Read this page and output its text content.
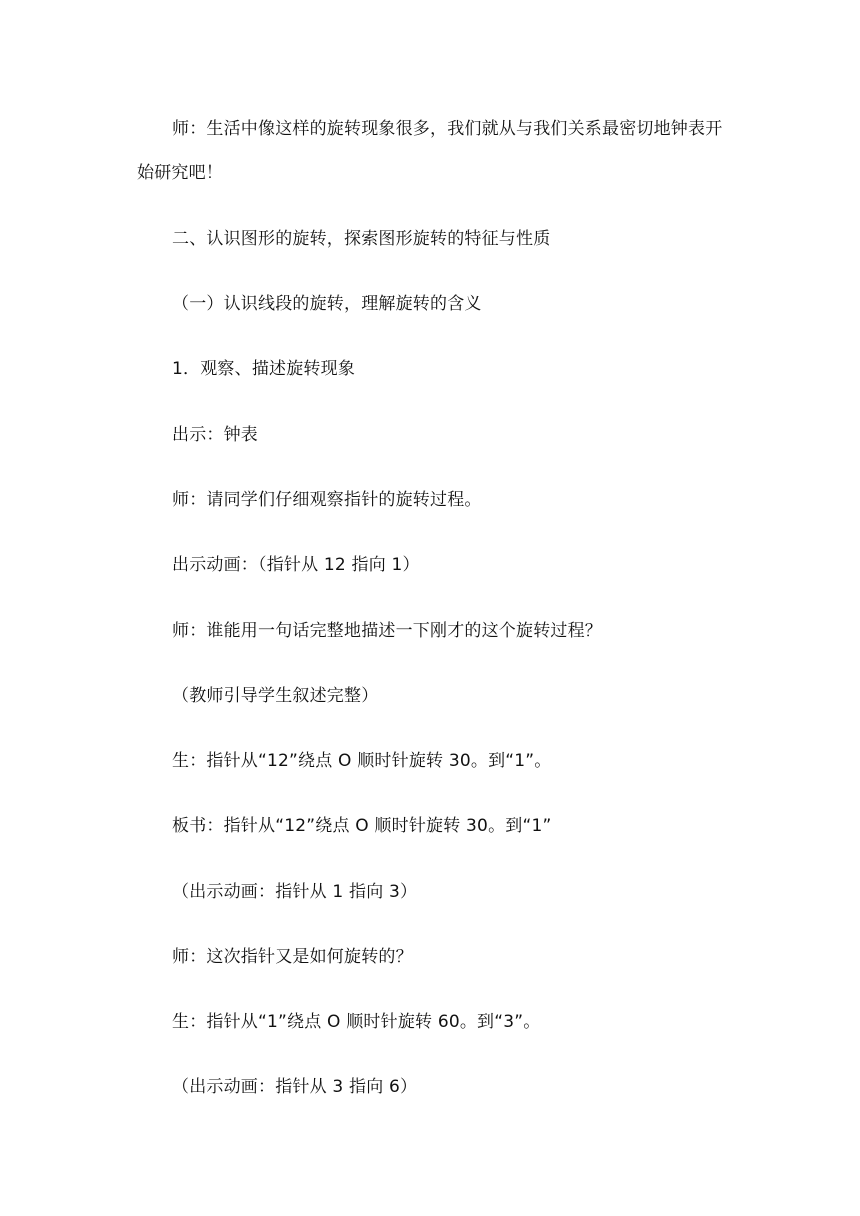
师：生活中像这样的旋转现象很多，我们就从与我们关系最密切地钟表开
始研究吧！
二、认识图形的旋转，探索图形旋转的特征与性质
（一）认识线段的旋转，理解旋转的含义
1．观察、描述旋转现象
出示：钟表
师：请同学们仔细观察指针的旋转过程。
出示动画：（指针从 12 指向 1）
师：谁能用一句话完整地描述一下刚才的这个旋转过程？
（教师引导学生叙述完整）
生：指针从“12”绕点 O 顺时针旋转 30。到“1”。
板书：指针从“12”绕点 O 顺时针旋转 30。到“1”
（出示动画：指针从 1 指向 3）
师：这次指针又是如何旋转的？
生：指针从“1”绕点 O 顺时针旋转 60。到“3”。
（出示动画：指针从 3 指向 6）
